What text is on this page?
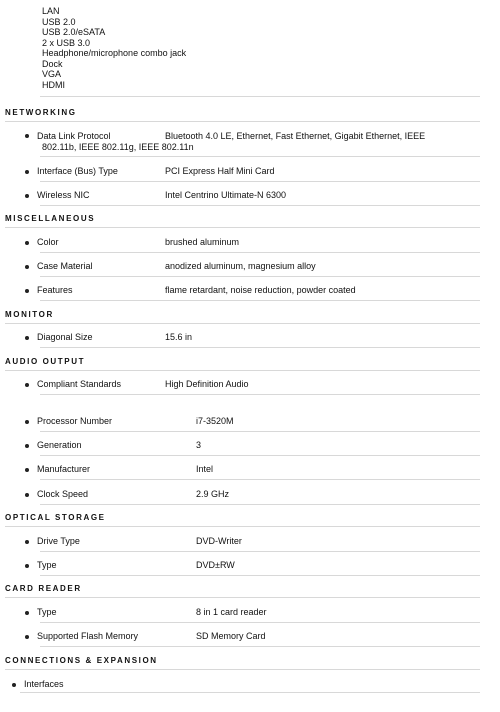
LAN
USB 2.0
USB 2.0/eSATA
2 x USB 3.0
Headphone/microphone combo jack
Dock
VGA
HDMI
NETWORKING
Data Link Protocol	Bluetooth 4.0 LE, Ethernet, Fast Ethernet, Gigabit Ethernet, IEEE
802.11b, IEEE 802.11g, IEEE 802.11n
Interface (Bus) Type	PCI Express Half Mini Card
Wireless NIC	Intel Centrino Ultimate-N 6300
MISCELLANEOUS
Color	brushed aluminum
Case Material	anodized aluminum, magnesium alloy
Features	flame retardant, noise reduction, powder coated
MONITOR
Diagonal Size	15.6 in
AUDIO OUTPUT
Compliant Standards	High Definition Audio
Processor Number	i7-3520M
Generation	3
Manufacturer	Intel
Clock Speed	2.9 GHz
OPTICAL STORAGE
Drive Type	DVD-Writer
Type	DVD±RW
CARD READER
Type	8 in 1 card reader
Supported Flash Memory	SD Memory Card
CONNECTIONS & EXPANSION
Interfaces
